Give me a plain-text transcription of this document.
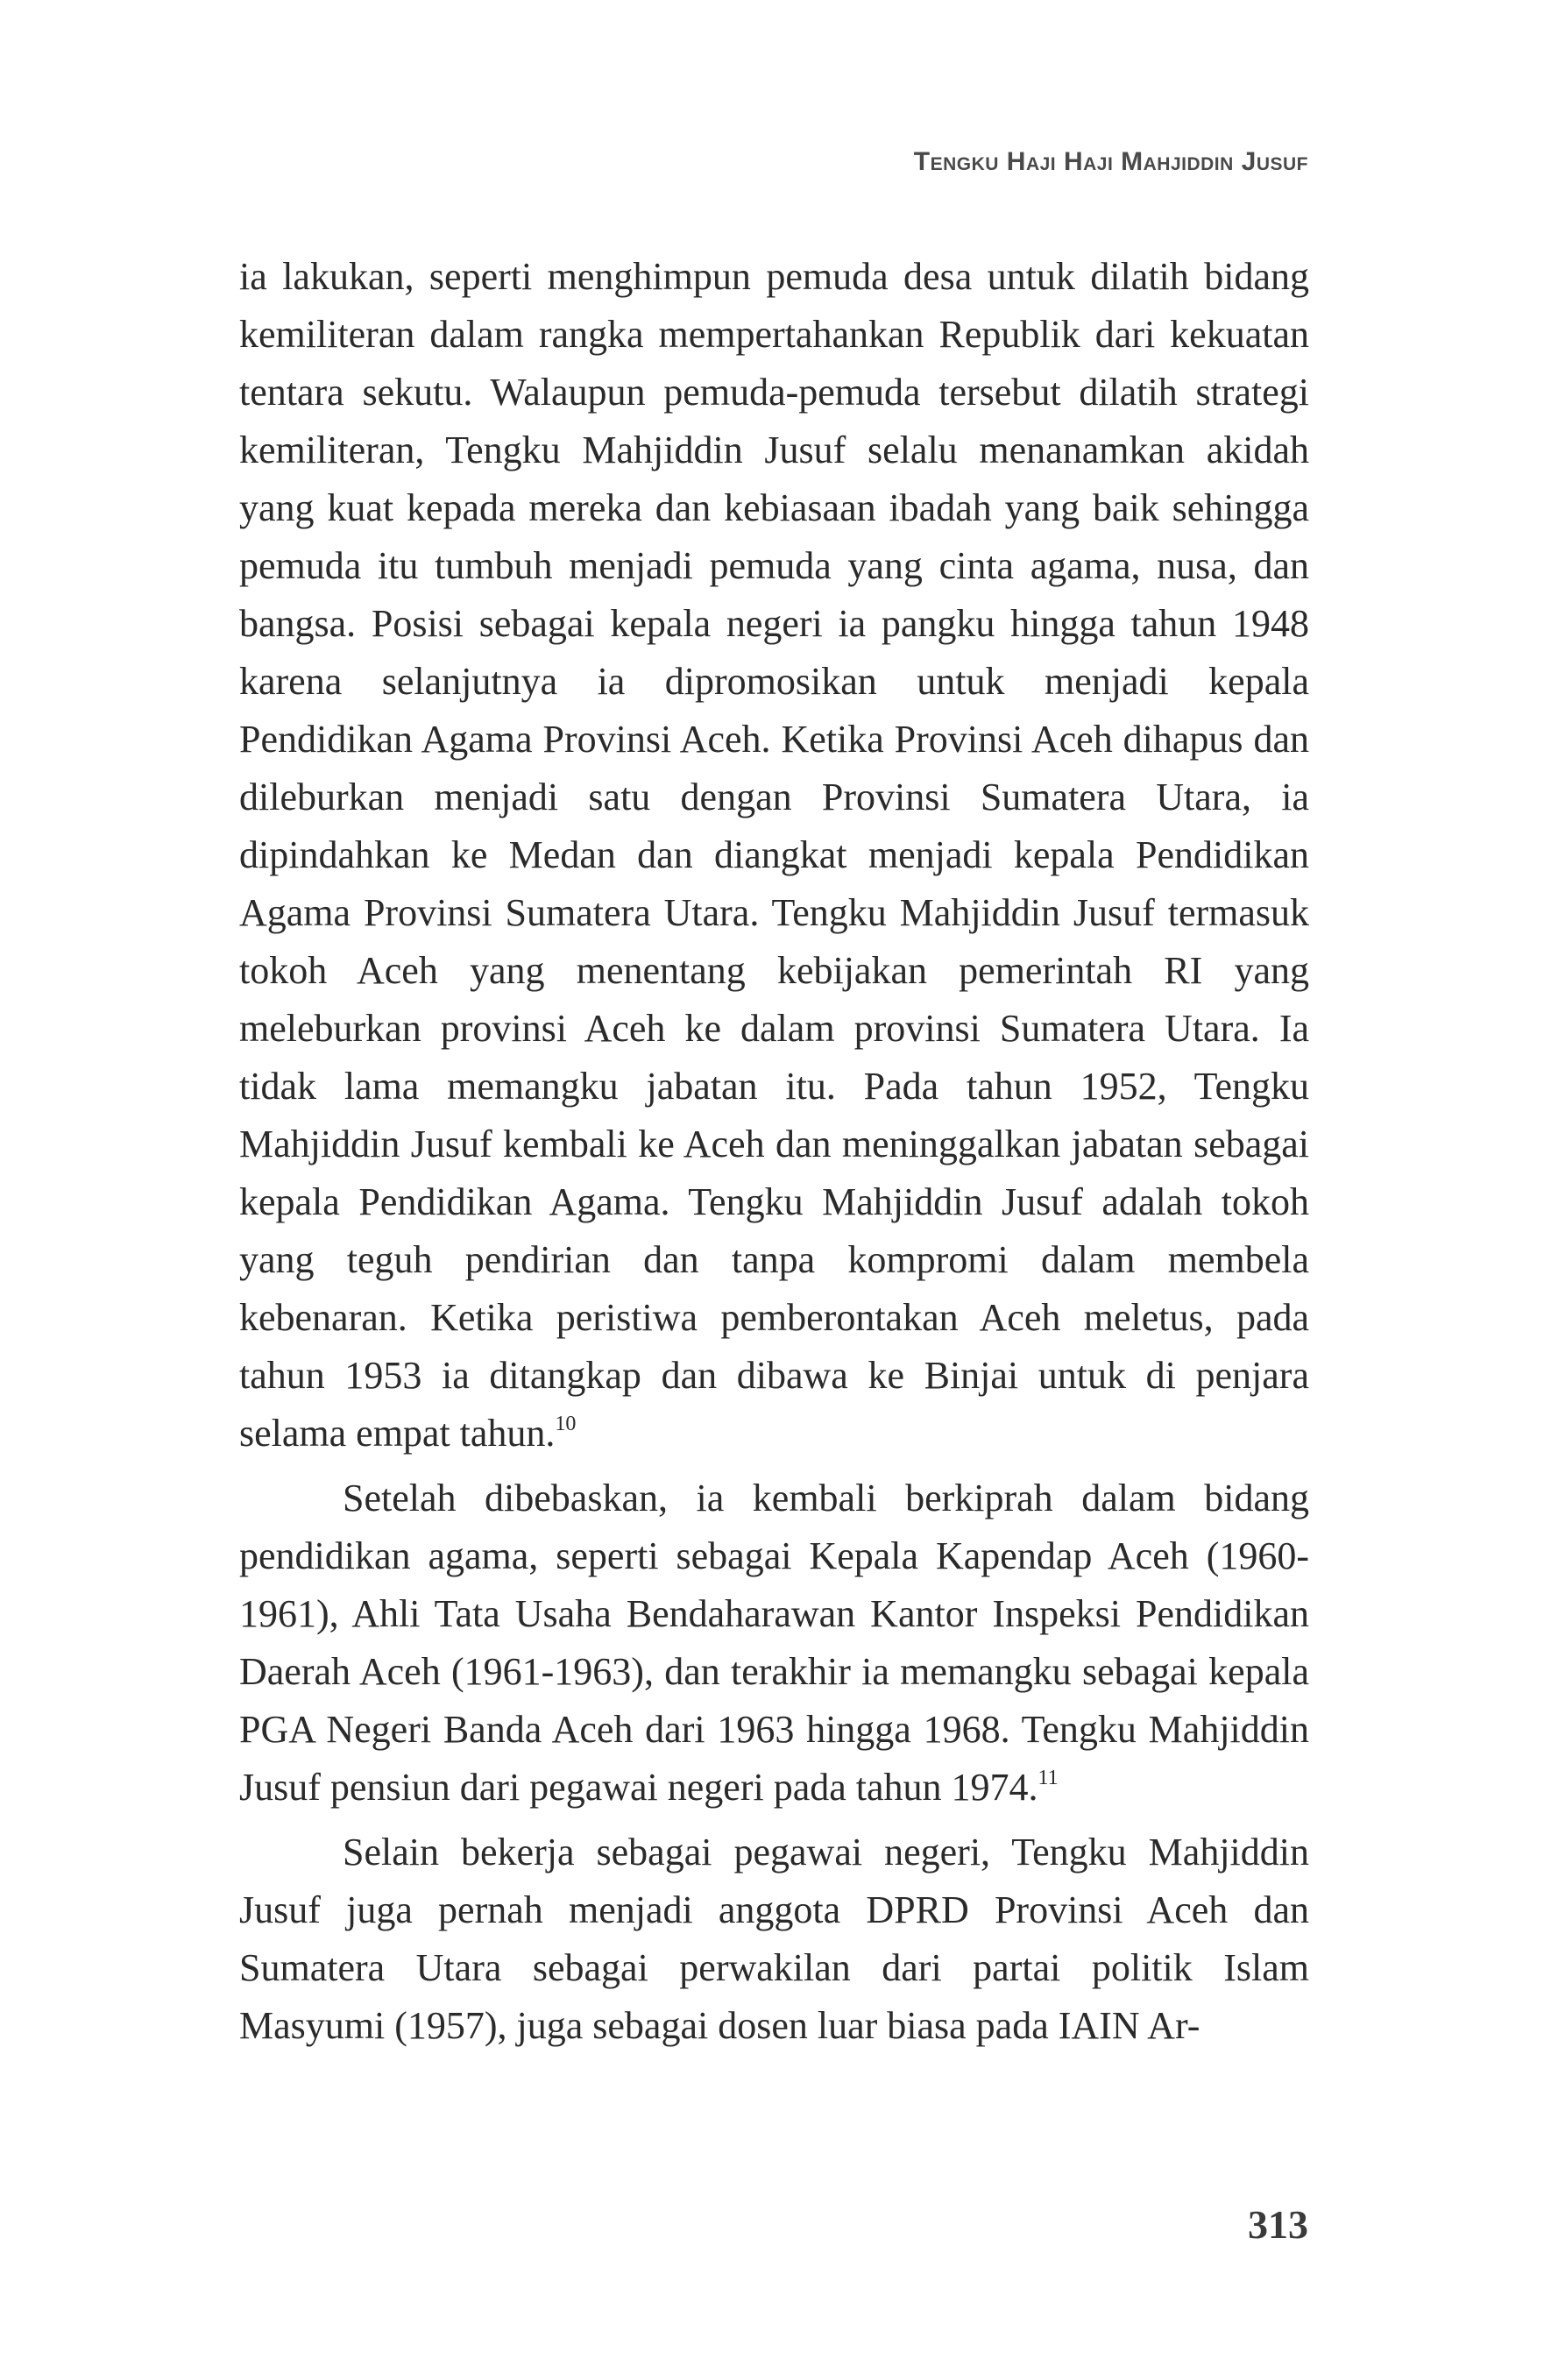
Tengku Haji Haji Mahjiddin Jusuf

ia lakukan, seperti menghimpun pemuda desa untuk dilatih bidang kemiliteran dalam rangka mempertahankan Republik dari kekuatan tentara sekutu. Walaupun pemuda-pemuda tersebut dilatih strategi kemiliteran, Tengku Mahjiddin Jusuf selalu menanamkan akidah yang kuat kepada mereka dan kebiasaan ibadah yang baik sehingga pemuda itu tumbuh menjadi pemuda yang cinta agama, nusa, dan bangsa. Posisi sebagai kepala negeri ia pangku hingga tahun 1948 karena selanjutnya ia dipromosikan untuk menjadi kepala Pendidikan Agama Provinsi Aceh. Ketika Provinsi Aceh dihapus dan dileburkan menjadi satu dengan Provinsi Sumatera Utara, ia dipindahkan ke Medan dan diangkat menjadi kepala Pendidikan Agama Provinsi Sumatera Utara. Tengku Mahjiddin Jusuf termasuk tokoh Aceh yang menentang kebijakan pemerintah RI yang meleburkan provinsi Aceh ke dalam provinsi Sumatera Utara. Ia tidak lama memangku jabatan itu. Pada tahun 1952, Tengku Mahjiddin Jusuf kembali ke Aceh dan meninggalkan jabatan sebagai kepala Pendidikan Agama. Tengku Mahjiddin Jusuf adalah tokoh yang teguh pendirian dan tanpa kompromi dalam membela kebenaran. Ketika peristiwa pemberontakan Aceh meletus, pada tahun 1953 ia ditangkap dan dibawa ke Binjai untuk di penjara selama empat tahun.$^{10}$

Setelah dibebaskan, ia kembali berkiprah dalam bidang pendidikan agama, seperti sebagai Kepala Kapendap Aceh (1960-1961), Ahli Tata Usaha Bendaharawan Kantor Inspeksi Pendidikan Daerah Aceh (1961-1963), dan terakhir ia memangku sebagai kepala PGA Negeri Banda Aceh dari 1963 hingga 1968. Tengku Mahjiddin Jusuf pensiun dari pegawai negeri pada tahun 1974.11

Selain bekerja sebagai pegawai negeri, Tengku Mahjiddin Jusuf juga pernah menjadi anggota DPRD Provinsi Aceh dan Sumatera Utara sebagai perwakilan dari partai politik Islam Masyumi (1957), juga sebagai dosen luar biasa pada IAIN Ar-

313
